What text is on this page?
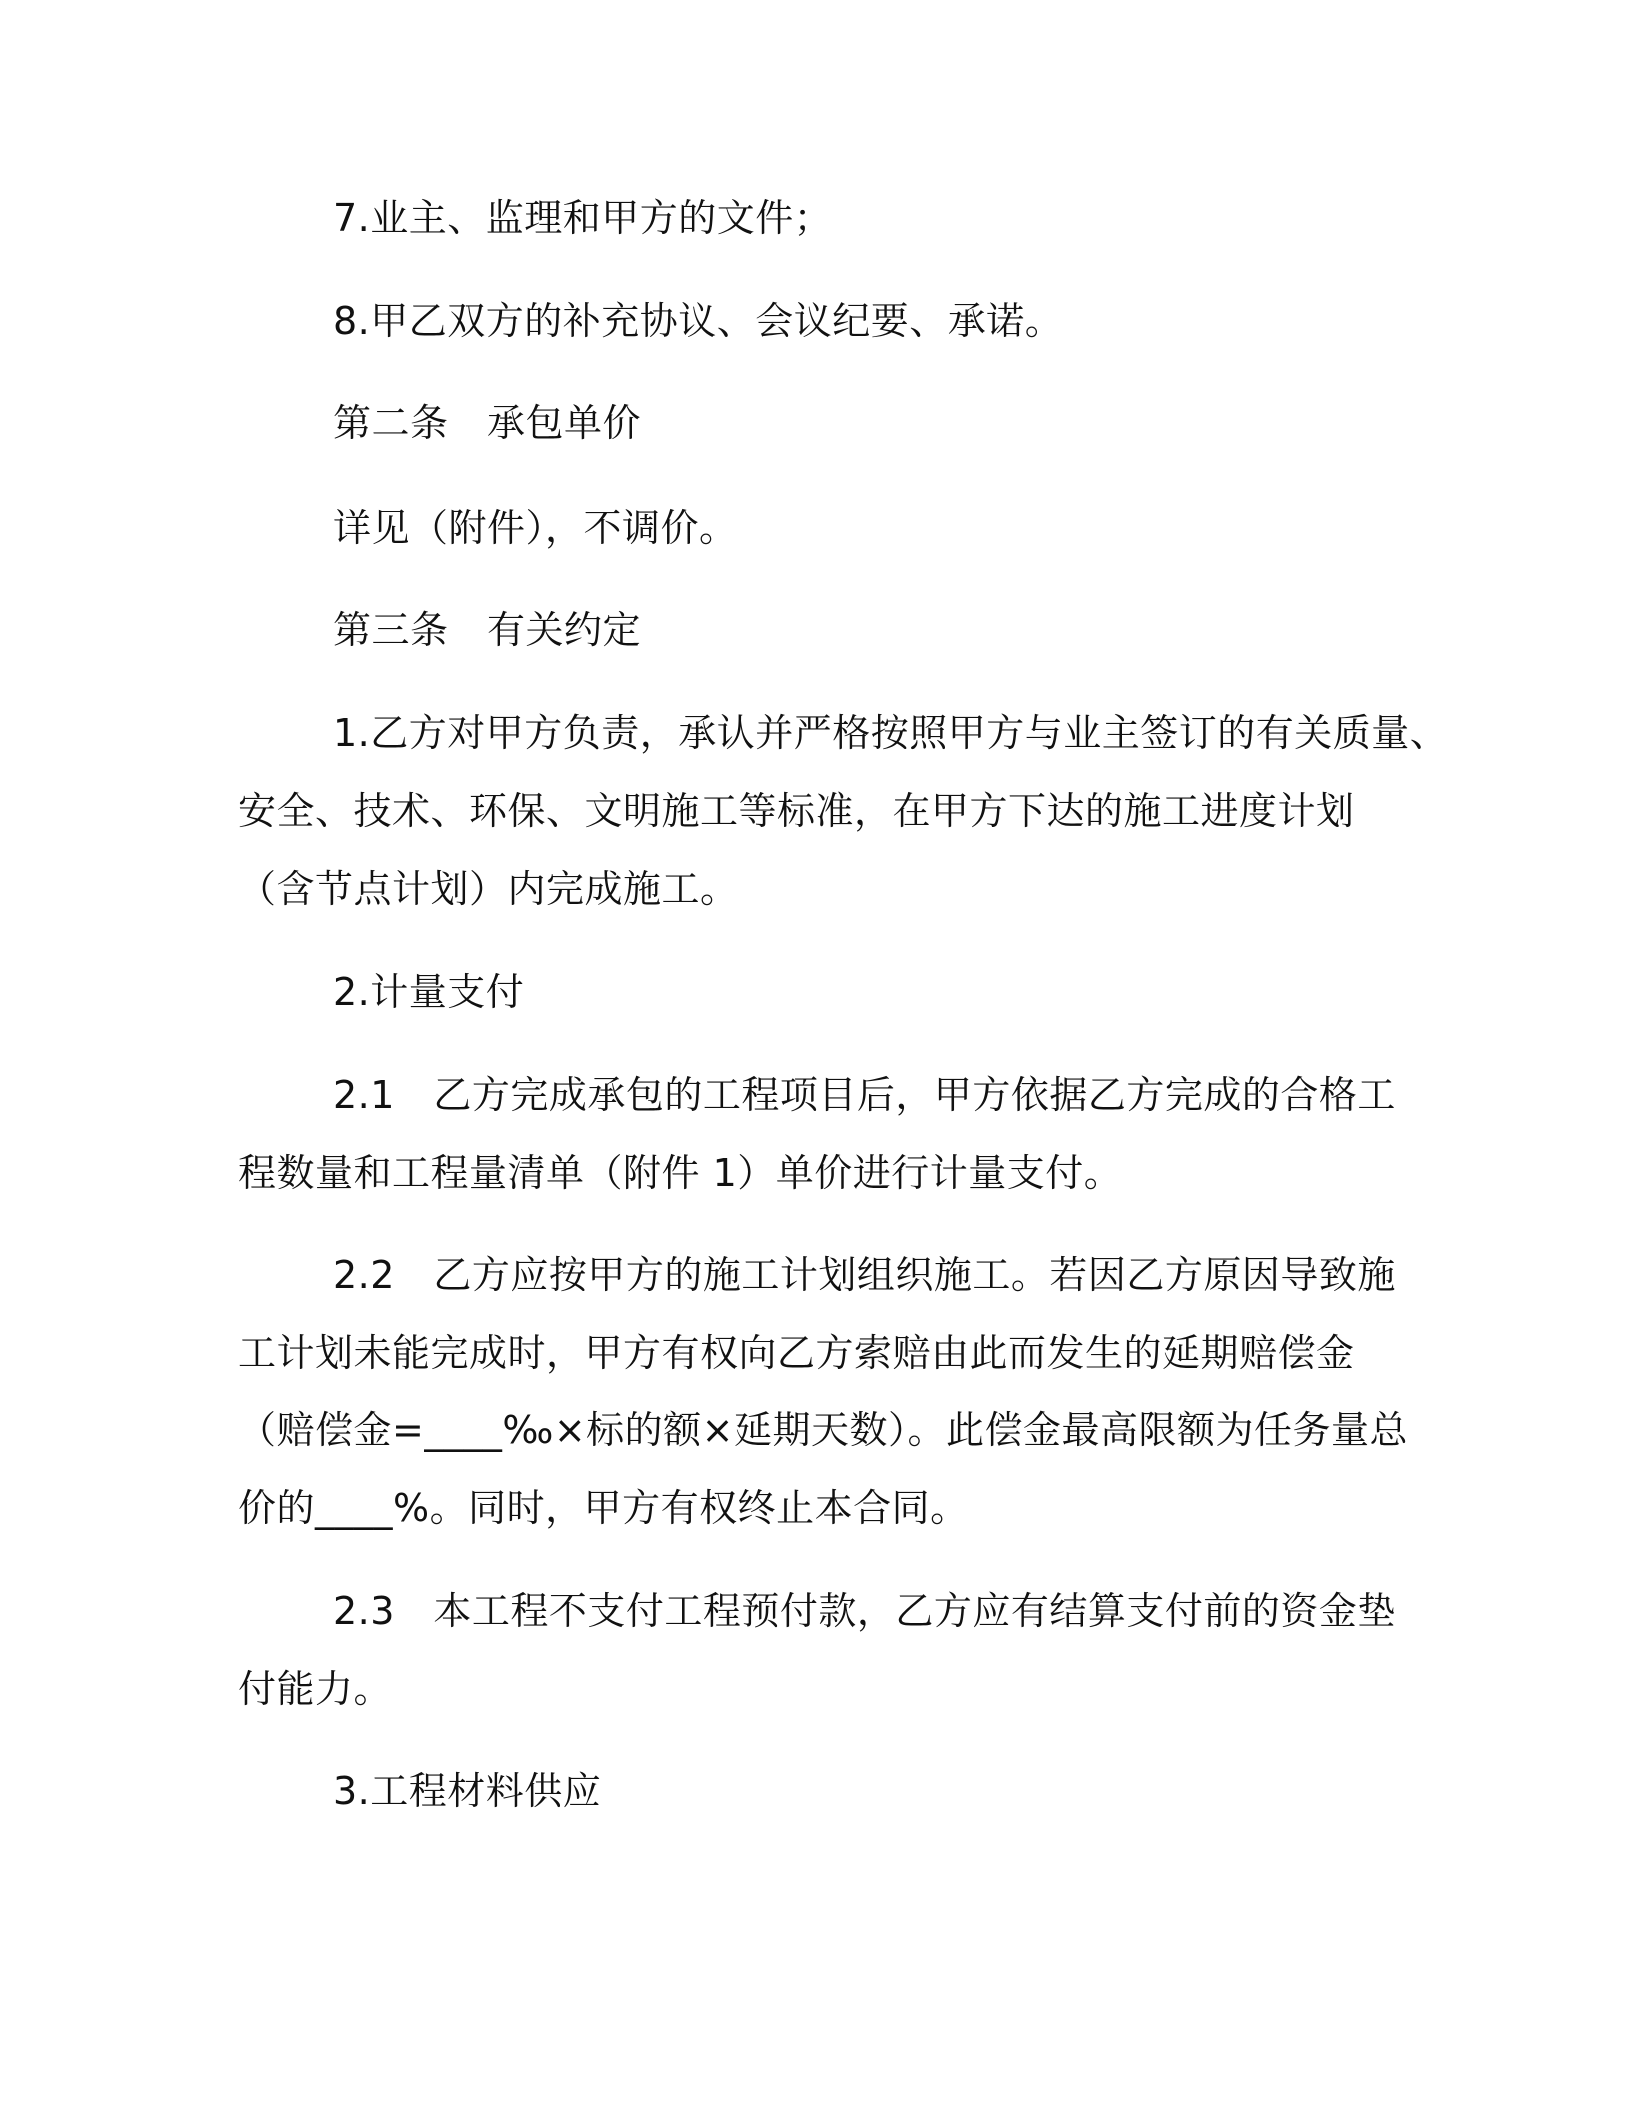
7.业主、监理和甲方的文件；
8.甲乙双方的补充协议、会议纪要、承诺。
第二条　承包单价
详见（附件），不调价。
第三条　有关约定
1.乙方对甲方负责，承认并严格按照甲方与业主签订的有关质量、
安全、技术、环保、文明施工等标准，在甲方下达的施工进度计划
（含节点计划）内完成施工。
2.计量支付
2.1　乙方完成承包的工程项目后，甲方依据乙方完成的合格工
程数量和工程量清单（附件 1）单价进行计量支付。
2.2　乙方应按甲方的施工计划组织施工。若因乙方原因导致施
工计划未能完成时，甲方有权向乙方索赔由此而发生的延期赔偿金
（赔偿金=____‰×标的额×延期天数）。此偿金最高限额为任务量总
价的____%。同时，甲方有权终止本合同。
2.3　本工程不支付工程预付款，乙方应有结算支付前的资金垫
付能力。
3.工程材料供应
